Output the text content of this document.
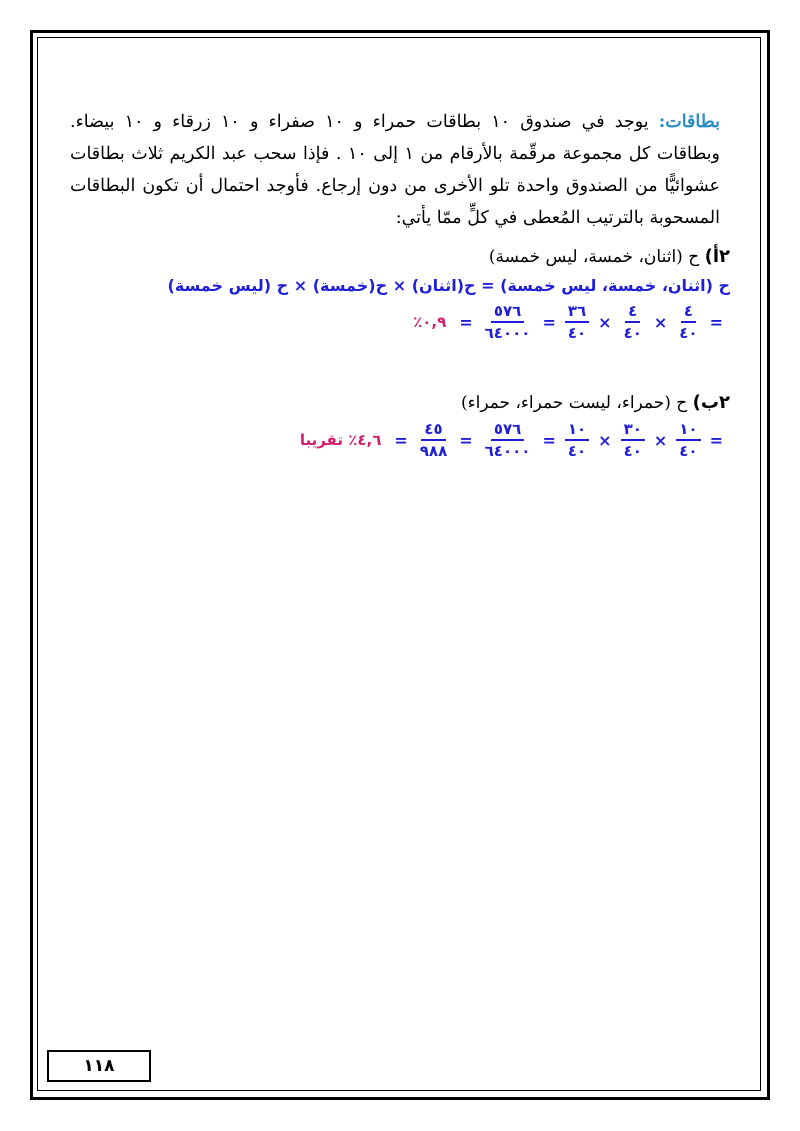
بطاقات: يوجد في صندوق ١٠ بطاقات حمراء و ١٠ صفراء و ١٠ زرقاء و ١٠ بيضاء. وبطاقات كل مجموعة مرقّمة بالأرقام من ١ إلى ١٠ . فإذا سحب عبد الكريم ثلاث بطاقات عشوائيًّا من الصندوق واحدة تلو الأخرى من دون إرجاع. فأوجد احتمال أن تكون البطاقات المسحوبة بالترتيب المُعطى في كلٍّ ممّا يأتي:
٢أ) ح (اثنان، خمسة، ليس خمسة)
ح (اثنان، خمسة، ليس خمسة) = ح(اثنان) × ح(خمسة) × ح (ليس خمسة)
=
$\frac{٤}{٤٠}$
×
$\frac{٤}{٤٠}$
×
$\frac{٣٦}{٤٠}$
=
$\frac{٥٧٦}{٦٤٠٠٠}$
=
٠,٩٪
٢ب) ح (حمراء، ليست حمراء، حمراء)
=
$\frac{١٠}{٤٠}$
×
$\frac{٣٠}{٤٠}$
×
$\frac{١٠}{٤٠}$
=
$\frac{٥٧٦}{٦٤٠٠٠}$
=
$\frac{٤٥}{٩٨٨}$
=
٤,٦٪ تقريبا
١١٨
